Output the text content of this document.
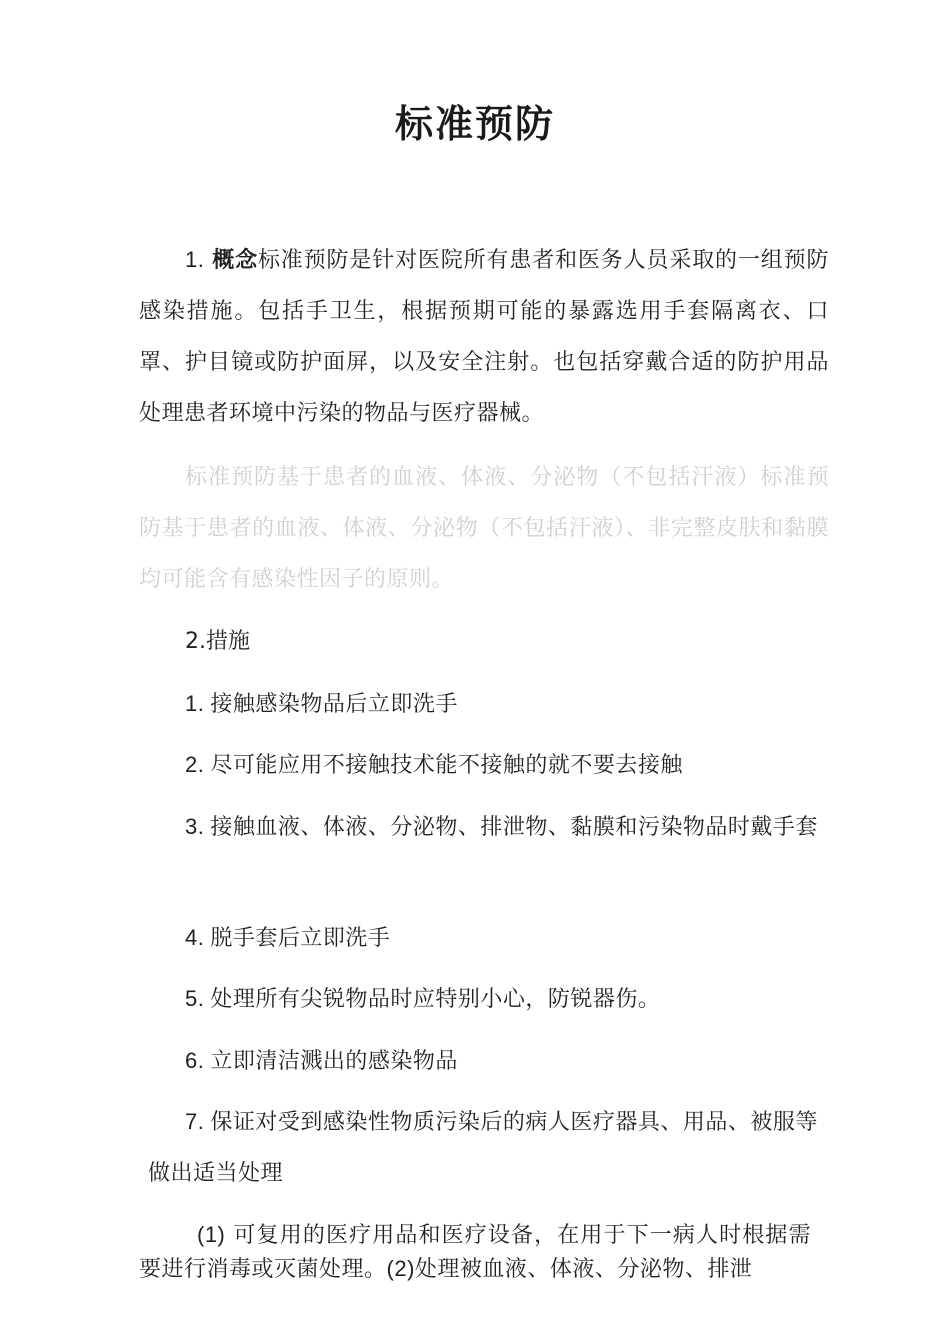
标准预防

1. 概念标准预防是针对医院所有患者和医务人员采取的一组预防感染措施。包括手卫生，根据预期可能的暴露选用手套隔离衣、口罩、护目镜或防护面屏，以及安全注射。也包括穿戴合适的防护用品处理患者环境中污染的物品与医疗器械。

标准预防基于患者的血液、体液、分泌物（不包括汗液）标准预防基于患者的血液、体液、分泌物（不包括汗液）、非完整皮肤和黏膜均可能含有感染性因子的原则。

2.措施

1. 接触感染物品后立即洗手

2. 尽可能应用不接触技术能不接触的就不要去接触

3. 接触血液、体液、分泌物、排泄物、黏膜和污染物品时戴手套

4. 脱手套后立即洗手

5. 处理所有尖锐物品时应特别小心，防锐器伤。

6. 立即清洁溅出的感染物品

7. 保证对受到感染性物质污染后的病人医疗器具、用品、被服等做出适当处理

(1) 可复用的医疗用品和医疗设备，在用于下一病人时根据需要进行消毒或灭菌处理。(2)处理被血液、体液、分泌物、排泄
